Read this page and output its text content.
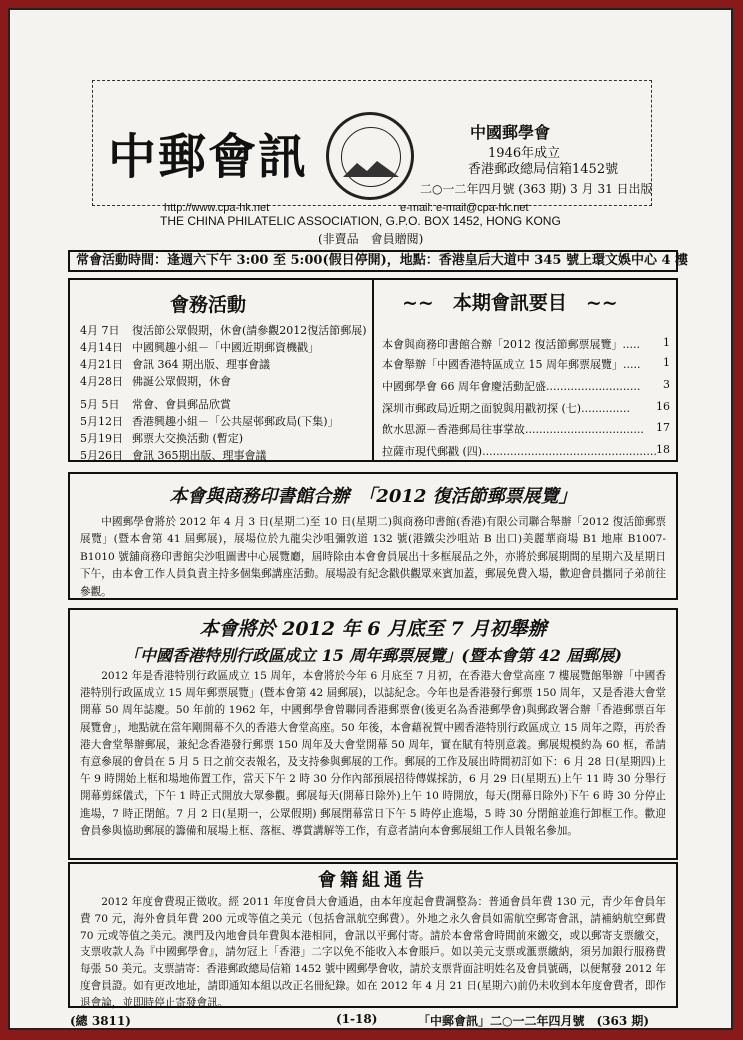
中郵會訊	中國郵學會
1946年成立
香港郵政總局信箱1452號
二○一二年四月號 (363 期) 3 月 31 日出版
http://www.cpa-hk.net	e-mail: e-mail@cpa-hk.net
THE CHINA PHILATELIC ASSOCIATION, G.P.O. BOX 1452, HONG KONG
(非賣品　會員贈閱)
常會活動時間：逢週六下午 3:00 至 5:00(假日停開)，地點：香港皇后大道中 345 號上環文娛中心 4 樓
會務活動	~~　本期會訊要目　~~
4月 7日 復活節公眾假期，休會(請參觀2012復活節郵展)
4月14日 中國興趣小組－「中國近期郵資機戳」
4月21日 會訊 364 期出版、理事會議
4月28日 佛誕公眾假期，休會
5月 5日 常會、會員郵品欣賞
5月12日 香港興趣小組－「公共屋邨郵政局(下集)」
5月19日 郵票大交換活動 (暫定)
5月26日 會訊 365期出版、理事會議
本會與商務印書館合辦「2012 復活節郵票展覽」..... 1
本會舉辦「中國香港特區成立 15 周年郵票展覽」..... 1
中國郵學會 66 周年會慶活動記盛........................... 3
深圳市郵政局近期之面貌與用戳初探 (七).............. 16
飲水思源－香港郵局往事掌故.................................. 17
拉薩市現代郵戳 (四).................................................. 18
本會與商務印書館合辦　「2012 復活節郵票展覽」
中國郵學會將於 2012 年 4 月 3 日(星期二)至 10 日(星期二)與商務印書館(香港)有限公司聯合舉辦「2012 復活節郵票展覽」(暨本會第 41 屆郵展)，展場位於九龍尖沙咀彌敦道 132 號(港鐵尖沙咀站 B 出口)美麗華商場 B1 地庫 B1007-B1010 號舖商務印書館尖沙咀圖書中心展覽廳，屆時除由本會會員展出十多框展品之外，亦將於郵展期間的星期六及星期日下午，由本會工作人員負責主持多個集郵講座活動。展場設有紀念戳供觀眾來賓加蓋，郵展免費入場，歡迎會員攜同子弟前往參觀。
本會將於 2012 年 6 月底至 7 月初舉辦
「中國香港特別行政區成立 15 周年郵票展覽」(暨本會第 42 屆郵展)
2012 年是香港特別行政區成立 15 周年，本會將於今年 6 月底至 7 月初，在香港大會堂高座 7 樓展覽館舉辦「中國香港特別行政區成立 15 周年郵票展覽」(暨本會第 42 屆郵展)，以誌紀念。今年也是香港發行郵票 150 周年，又是香港大會堂開幕 50 周年誌慶。50 年前的 1962 年，中國郵學會曾聯同香港郵票會(後更名為香港郵學會)與郵政署合辦「香港郵票百年展覽會」，地點就在當年剛開幕不久的香港大會堂高座。50 年後，本會藉祝賀中國香港特別行政區成立 15 周年之際，再於香港大會堂舉辦郵展，兼紀念香港發行郵票 150 周年及大會堂開幕 50 周年，實在賦有特別意義。郵展規模約為 60 框，希請有意參展的會員在 5 月 5 日之前交表報名，及支持參與郵展的工作。郵展的工作及展出時間初訂如下：6 月 28 日(星期四)上午 9 時開始上框和場地佈置工作，當天下午 2 時 30 分作內部預展招待傳媒採訪，6 月 29 日(星期五)上午 11 時 30 分舉行開幕剪綵儀式，下午 1 時正式開放大眾參觀。郵展每天(開幕日除外)上午 10 時開放，每天(閉幕日除外)下午 6 時 30 分停止進場，7 時正閉館。7 月 2 日(星期一，公眾假期) 郵展閉幕當日下午 5 時停止進場，5 時 30 分閉館並進行卸框工作。歡迎會員參與協助郵展的籌備和展場上框、落框、導賞講解等工作，有意者請向本會郵展組工作人員報名參加。
會籍組通告
2012 年度會費現正徵收。經 2011 年度會員大會通過，由本年度起會費調整為：普通會員年費 130 元，青少年會員年費 70 元，海外會員年費 200 元或等值之美元（包括會訊航空郵費）。外地之永久會員如需航空郵寄會訊，請補納航空郵費 70 元或等值之美元。澳門及內地會員年費與本港相同，會訊以平郵付寄。請於本會常會時間前來繳交，或以郵寄支票繳交，支票收款人為『中國郵學會』，請勿冠上「香港」二字以免不能收入本會賬戶。如以美元支票或滙票繳納，須另加銀行服務費每張 50 美元。支票請寄：香港郵政總局信箱 1452 號中國郵學會收，請於支票背面註明姓名及會員號碼，以便幫發 2012 年度會員證。如有更改地址，請即通知本組以改正名冊紀錄。如在 2012 年 4 月 21 日(星期六)前仍未收到本年度會費者，即作退會論，並即時停止寄發會訊。
(總 3811)	(1-18)	「中郵會訊」二○一二年四月號　(363 期)
